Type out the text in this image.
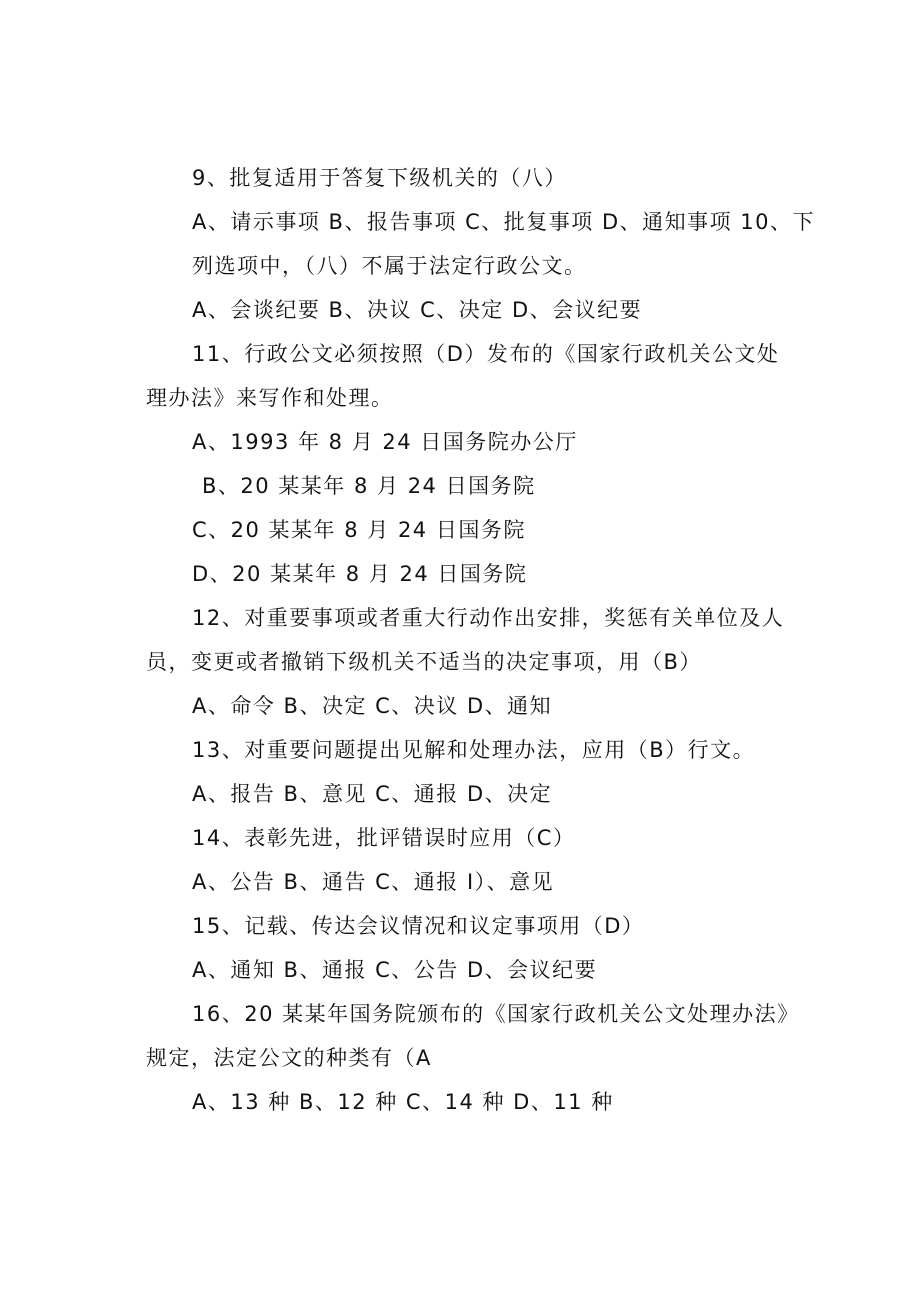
9、批复适用于答复下级机关的（八）
A、请示事项 B、报告事项 C、批复事项 D、通知事项 10、下
列选项中，（八）不属于法定行政公文。
A、会谈纪要 B、决议 C、决定 D、会议纪要
11、行政公文必须按照（D）发布的《国家行政机关公文处
理办法》来写作和处理。
A、1993 年 8 月 24 日国务院办公厅
B、20 某某年 8 月 24 日国务院
C、20 某某年 8 月 24 日国务院
D、20 某某年 8 月 24 日国务院
12、对重要事项或者重大行动作出安排，奖惩有关单位及人
员，变更或者撤销下级机关不适当的决定事项，用（B）
A、命令 B、决定 C、决议 D、通知
13、对重要问题提出见解和处理办法，应用（B）行文。
A、报告 B、意见 C、通报 D、决定
14、表彰先进，批评错误时应用（C）
A、公告 B、通告 C、通报 I）、意见
15、记载、传达会议情况和议定事项用（D）
A、通知 B、通报 C、公告 D、会议纪要
16、20 某某年国务院颁布的《国家行政机关公文处理办法》
规定，法定公文的种类有（A
A、13 种 B、12 种 C、14 种 D、11 种
